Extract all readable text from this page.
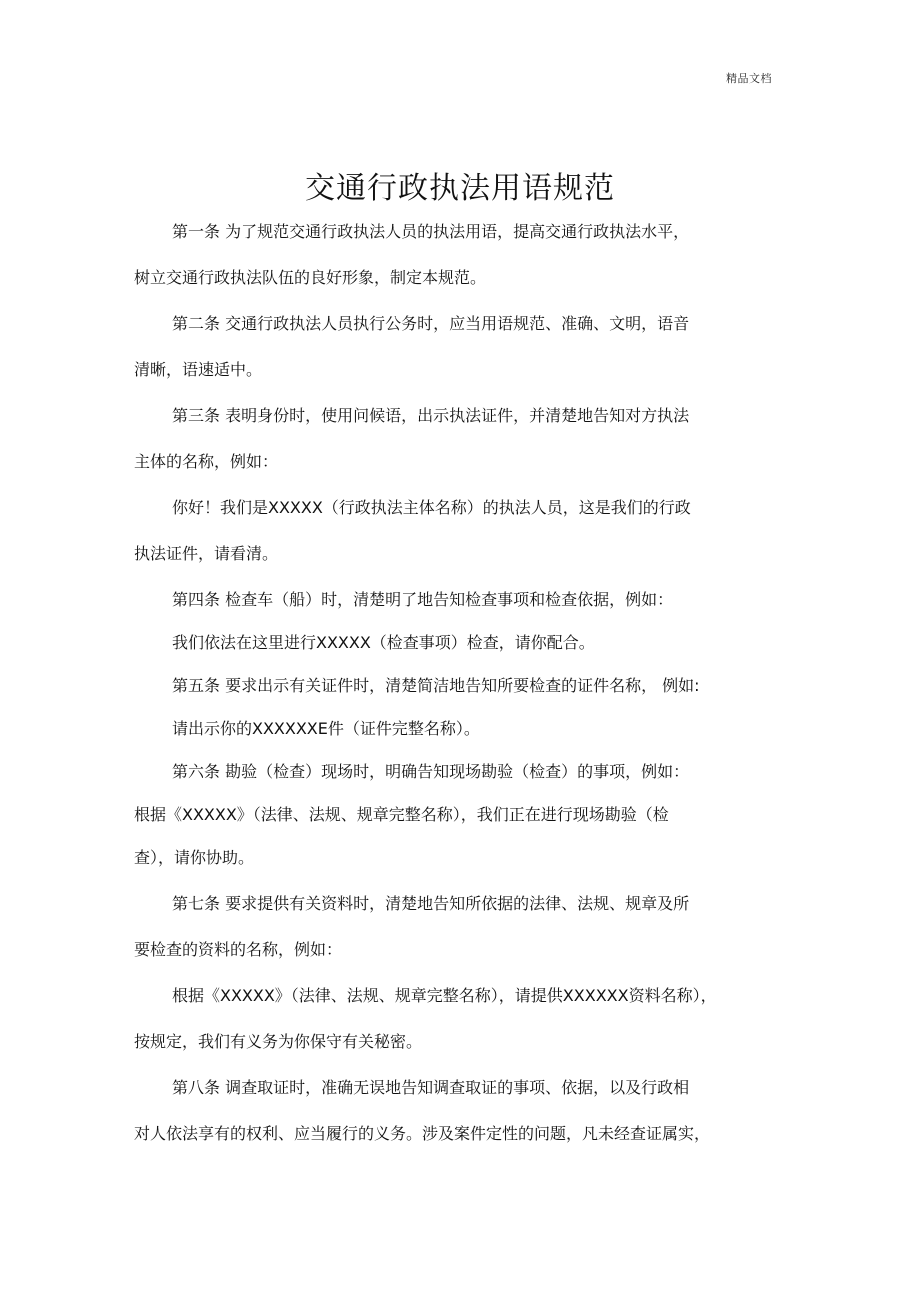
精品文档
交通行政执法用语规范
第一条 为了规范交通行政执法人员的执法用语，提高交通行政执法水平，
树立交通行政执法队伍的良好形象，制定本规范。
第二条 交通行政执法人员执行公务时，应当用语规范、准确、文明，语音
清晰，语速适中。
第三条 表明身份时，使用问候语，出示执法证件，并清楚地告知对方执法
主体的名称，例如：
你好！我们是XXXXX（行政执法主体名称）的执法人员，这是我们的行政
执法证件，请看清。
第四条 检查车（船）时，清楚明了地告知检查事项和检查依据，例如：
我们依法在这里进行XXXXX（检查事项）检查，请你配合。
第五条 要求出示有关证件时，清楚简洁地告知所要检查的证件名称， 例如:
请出示你的XXXXXXE件（证件完整名称）。
第六条 勘验（检查）现场时，明确告知现场勘验（检查）的事项，例如：
根据《XXXXX》（法律、法规、规章完整名称），我们正在进行现场勘验（检
查），请你协助。
第七条 要求提供有关资料时，清楚地告知所依据的法律、法规、规章及所
要检查的资料的名称，例如：
根据《XXXXX》（法律、法规、规章完整名称），请提供XXXXXX资料名称），
按规定，我们有义务为你保守有关秘密。
第八条 调查取证时，准确无误地告知调查取证的事项、依据，以及行政相
对人依法享有的权利、应当履行的义务。涉及案件定性的问题，凡未经查证属实，
